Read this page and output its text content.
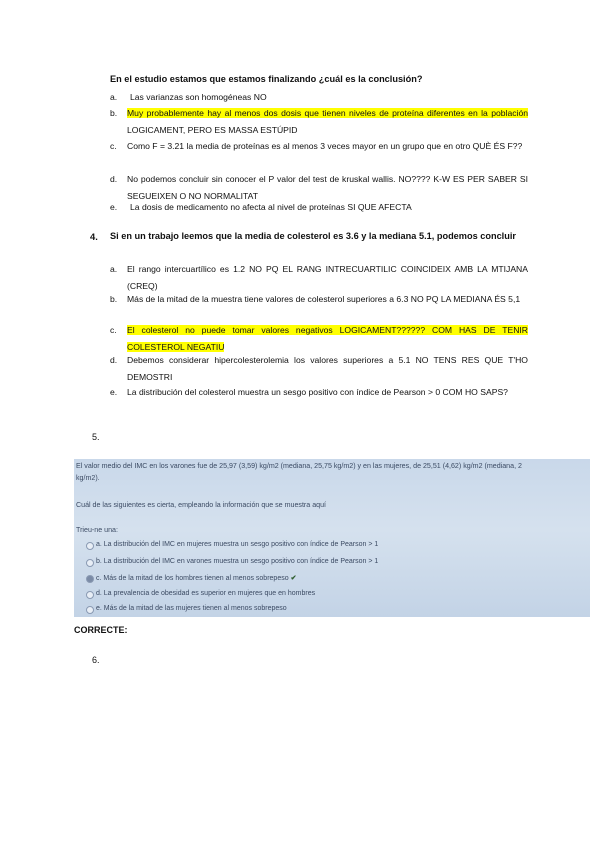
En el estudio estamos que estamos finalizando ¿cuál es la conclusión?
a.	Las varianzas son homogéneas NO
b.	Muy probablemente hay al menos dos dosis que tienen niveles de proteína diferentes en la población LOGICAMENT, PERO ES MASSA ESTÚPID
c.	Como F = 3.21 la media de proteínas es al menos 3 veces mayor en un grupo que en otro QUÈ ÉS F??
d.	No podemos concluir sin conocer el P valor del test de kruskal wallis. NO???? K-W ES PER SABER SI SEGUEIXEN O NO NORMALITAT
e.	La dosis de medicamento no afecta al nivel de proteínas SI QUE AFECTA
4. Si en un trabajo leemos que la media de colesterol es 3.6 y la mediana 5.1, podemos concluir
a.	El rango intercuartílico es 1.2 NO PQ EL RANG INTRECUARTILIC COINCIDEIX AMB LA MTIJANA (CREQ)
b.	Más de la mitad de la muestra tiene valores de colesterol superiores a 6.3 NO PQ LA MEDIANA ÉS 5,1
c.	El colesterol no puede tomar valores negativos LOGICAMENT?????? COM HAS DE TENIR COLESTEROL NEGATIU
d.	Debemos considerar hipercolesterolemia los valores superiores a 5.1 NO TENS RES QUE T'HO DEMOSTRI
e.	La distribución del colesterol muestra un sesgo positivo con índice de Pearson > 0 COM HO SAPS?
5.
El valor medio del IMC en los varones fue de 25,97 (3,59) kg/m2 (mediana, 25,75 kg/m2) y en las mujeres, de 25,51 (4,62) kg/m2 (mediana, 2
kg/m2).
Cuál de las siguientes es cierta, empleando la información que se muestra aquí
Trieu-ne una:
a. La distribución del IMC en mujeres muestra un sesgo positivo con índice de Pearson > 1
b. La distribución del IMC en varones muestra un sesgo positivo con índice de Pearson > 1
c. Más de la mitad de los hombres tienen al menos sobrepeso ✔
d. La prevalencia de obesidad es superior en mujeres que en hombres
e. Más de la mitad de las mujeres tienen al menos sobrepeso
CORRECTE:
6.
